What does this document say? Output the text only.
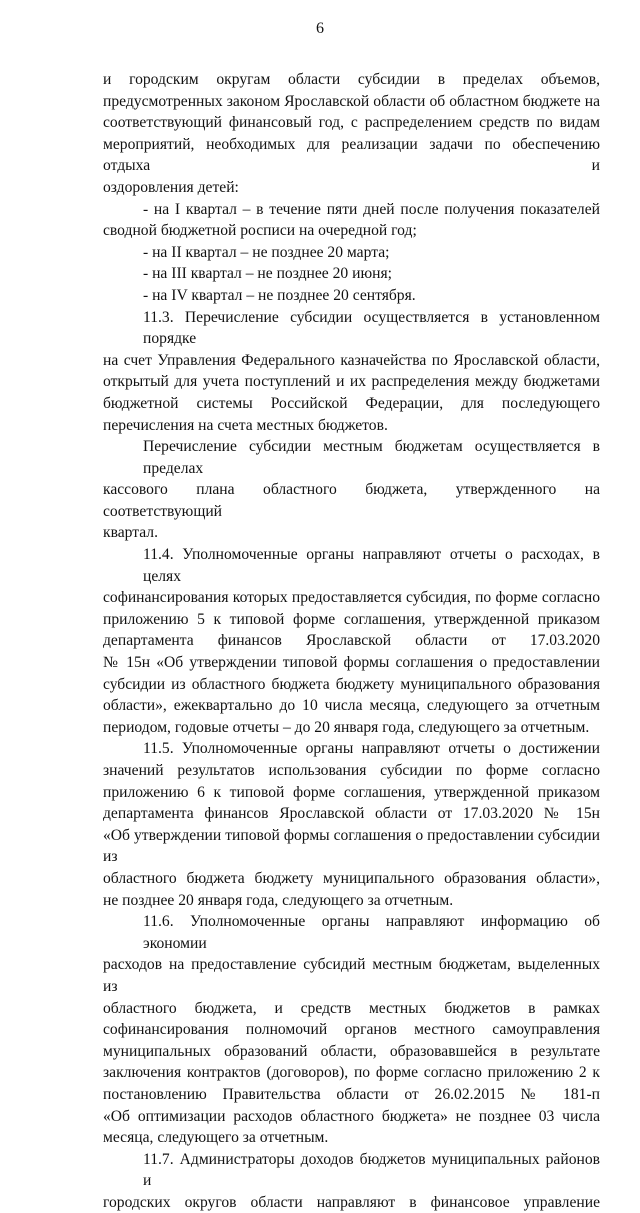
6
и городским округам области субсидии в пределах объемов,
предусмотренных законом Ярославской области об областном бюджете на
соответствующий финансовый год, с распределением средств по видам
мероприятий, необходимых для реализации задачи по обеспечению отдыха и
оздоровления детей:
- на I квартал – в течение пяти дней после получения показателей
сводной бюджетной росписи на очередной год;
- на II квартал – не позднее 20 марта;
- на III квартал – не позднее 20 июня;
- на IV квартал – не позднее 20 сентября.
11.3. Перечисление субсидии осуществляется в установленном порядке
на счет Управления Федерального казначейства по Ярославской области,
открытый для учета поступлений и их распределения между бюджетами
бюджетной системы Российской Федерации, для последующего
перечисления на счета местных бюджетов.
Перечисление субсидии местным бюджетам осуществляется в пределах
кассового плана областного бюджета, утвержденного на соответствующий
квартал.
11.4. Уполномоченные органы направляют отчеты о расходах, в целях
софинансирования которых предоставляется субсидия, по форме согласно
приложению 5 к типовой форме соглашения, утвержденной приказом
департамента финансов Ярославской области от 17.03.2020
№ 15н «Об утверждении типовой формы соглашения о предоставлении
субсидии из областного бюджета бюджету муниципального образования
области», ежеквартально до 10 числа месяца, следующего за отчетным
периодом, годовые отчеты – до 20 января года, следующего за отчетным.
11.5. Уполномоченные органы направляют отчеты о достижении
значений результатов использования субсидии по форме согласно
приложению 6 к типовой форме соглашения, утвержденной приказом
департамента финансов Ярославской области от 17.03.2020 № 15н
«Об утверждении типовой формы соглашения о предоставлении субсидии из
областного бюджета бюджету муниципального образования области»,
не позднее 20 января года, следующего за отчетным.
11.6. Уполномоченные органы направляют информацию об экономии
расходов на предоставление субсидий местным бюджетам, выделенных из
областного бюджета, и средств местных бюджетов в рамках
софинансирования полномочий органов местного самоуправления
муниципальных образований области, образовавшейся в результате
заключения контрактов (договоров), по форме согласно приложению 2 к
постановлению Правительства области от 26.02.2015 № 181-п
«Об оптимизации расходов областного бюджета» не позднее 03 числа
месяца, следующего за отчетным.
11.7. Администраторы доходов бюджетов муниципальных районов и
городских округов области направляют в финансовое управление
